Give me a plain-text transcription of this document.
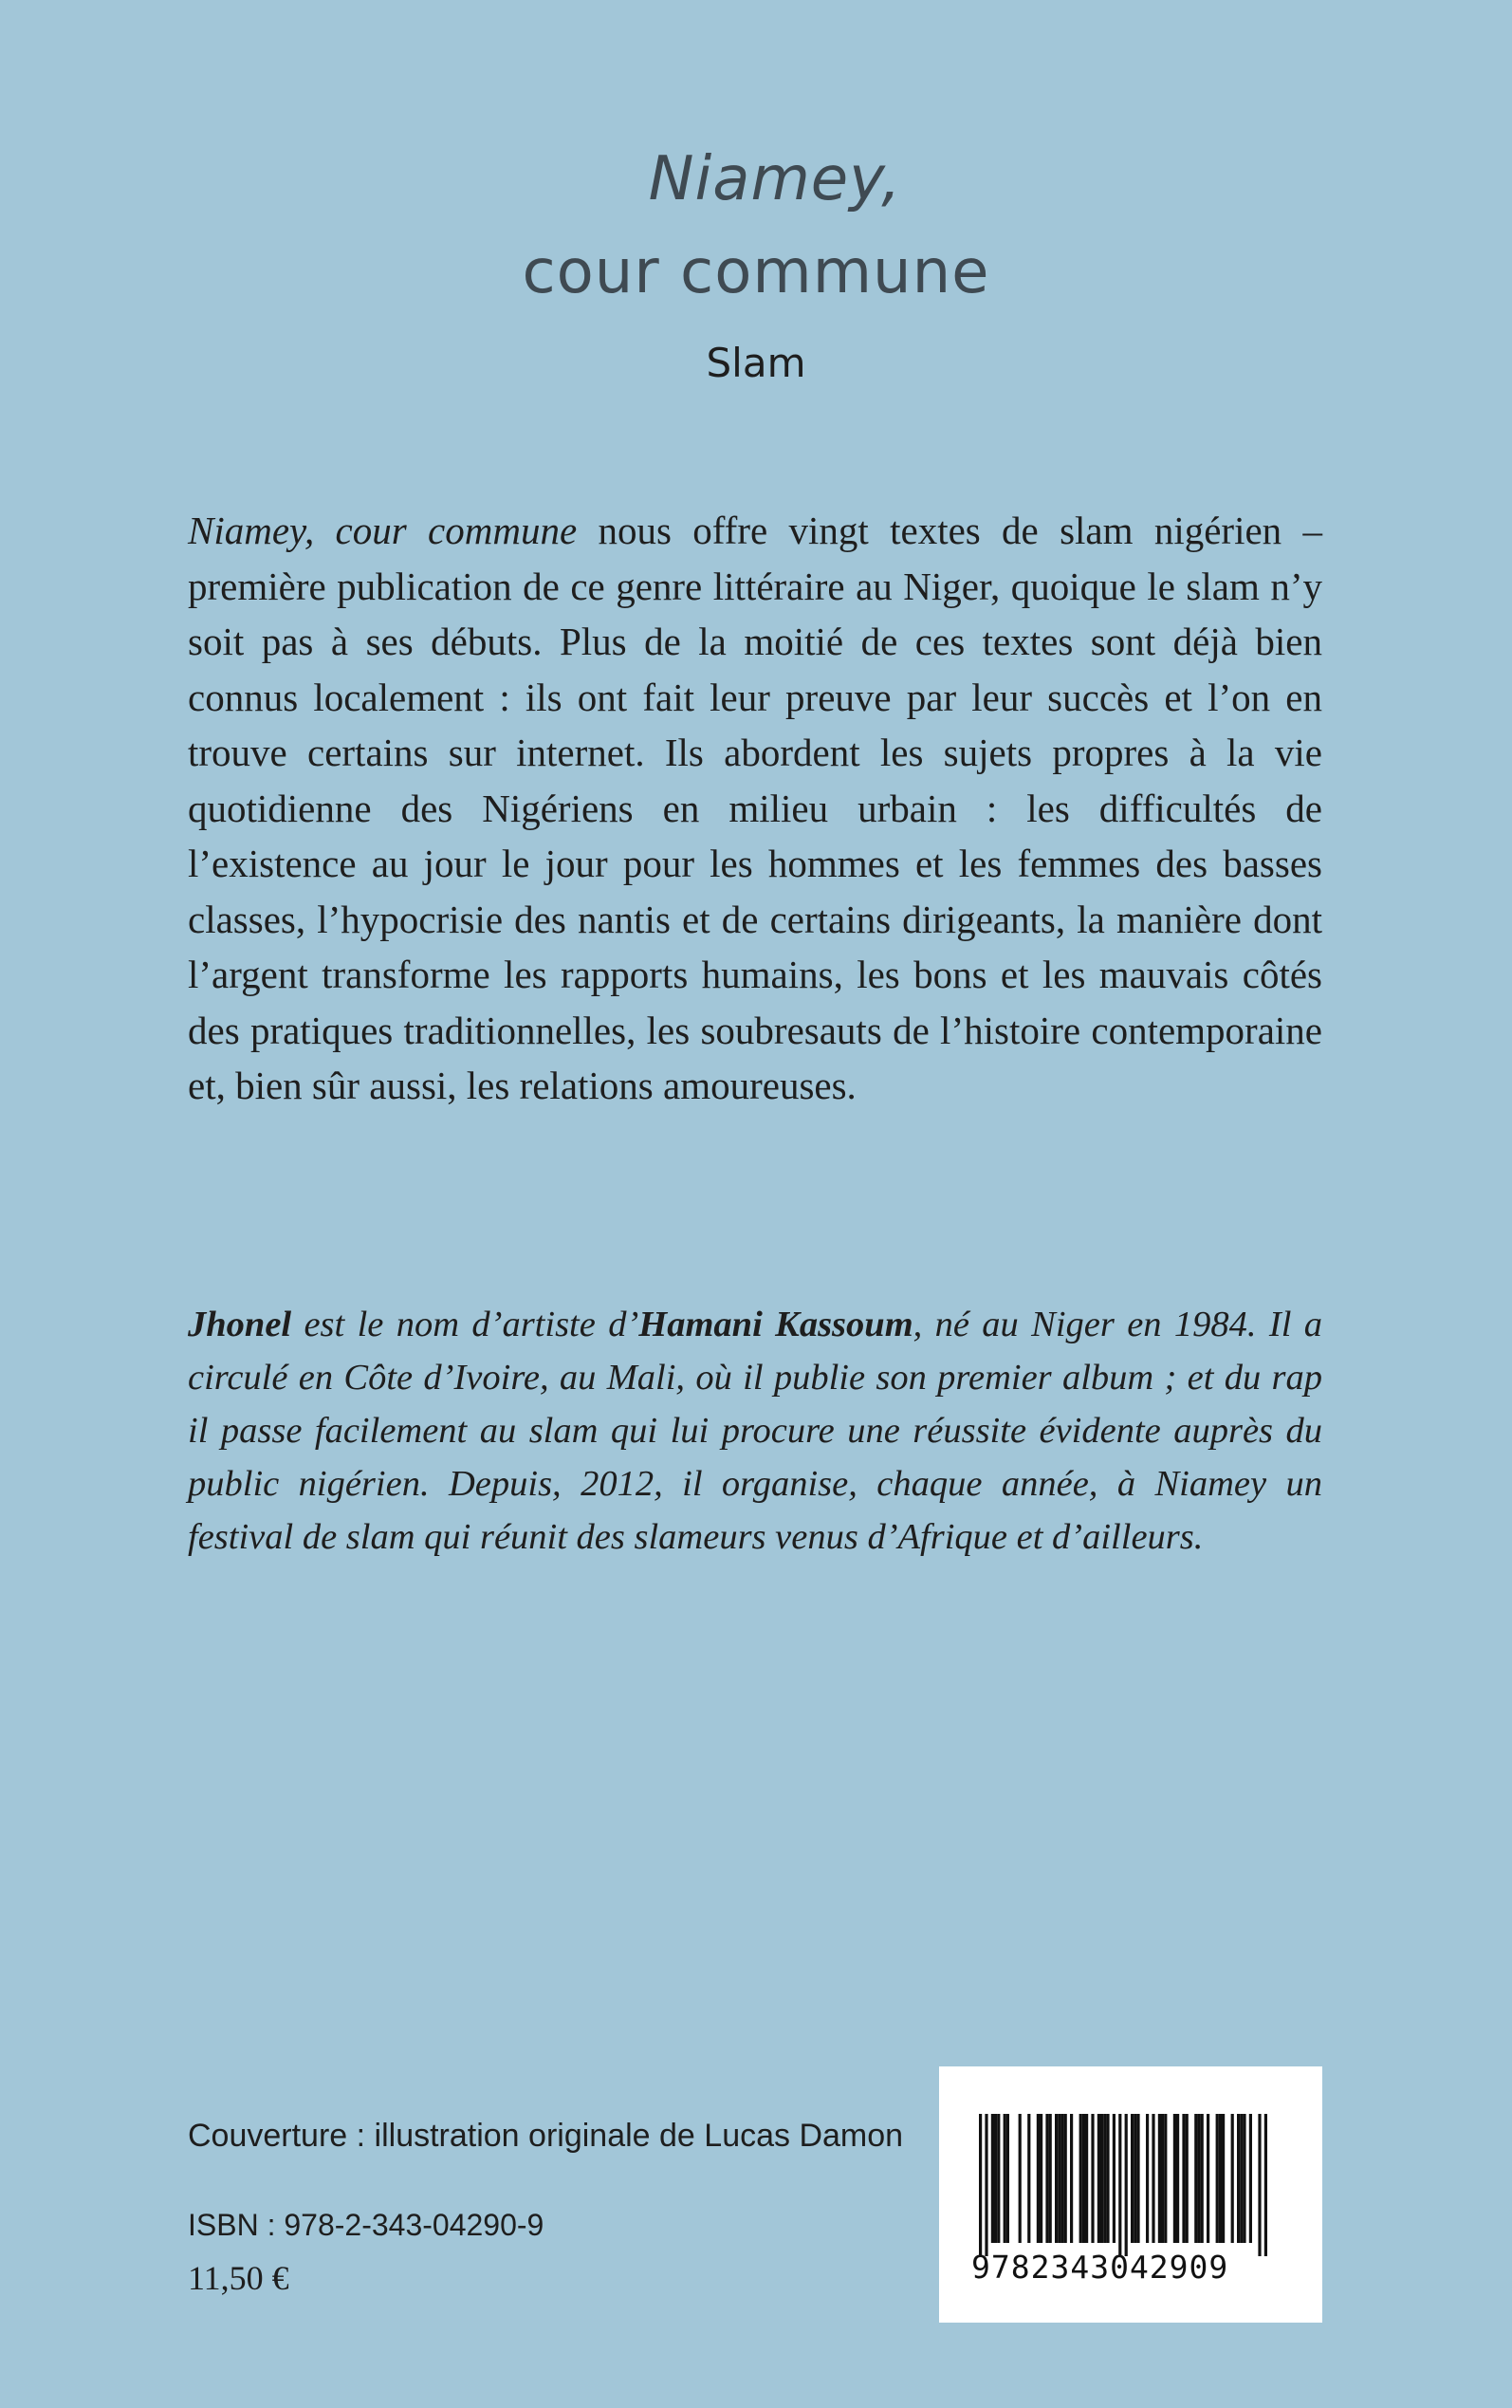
Niamey,
cour commune
Slam

Niamey, cour commune nous offre vingt textes de slam nigérien – première publication de ce genre littéraire au Niger, quoique le slam n’y soit pas à ses débuts. Plus de la moitié de ces textes sont déjà bien connus localement : ils ont fait leur preuve par leur succès et l’on en trouve certains sur internet. Ils abordent les sujets propres à la vie quotidienne des Nigériens en milieu urbain : les difficultés de l’existence au jour le jour pour les hommes et les femmes des basses classes, l’hypocrisie des nantis et de certains dirigeants, la manière dont l’argent transforme les rapports humains, les bons et les mauvais côtés des pratiques traditionnelles, les soubresauts de l’histoire contemporaine et, bien sûr aussi, les relations amoureuses.

Jhonel est le nom d’artiste d’Hamani Kassoum, né au Niger en 1984. Il a circulé en Côte d’Ivoire, au Mali, où il publie son premier album ; et du rap il passe facilement au slam qui lui procure une réussite évidente auprès du public nigérien. Depuis, 2012, il organise, chaque année, à Niamey un festival de slam qui réunit des slameurs venus d’Afrique et d’ailleurs.

Couverture : illustration originale de Lucas Damon
ISBN : 978-2-343-04290-9
11,50 €	9782343042909
